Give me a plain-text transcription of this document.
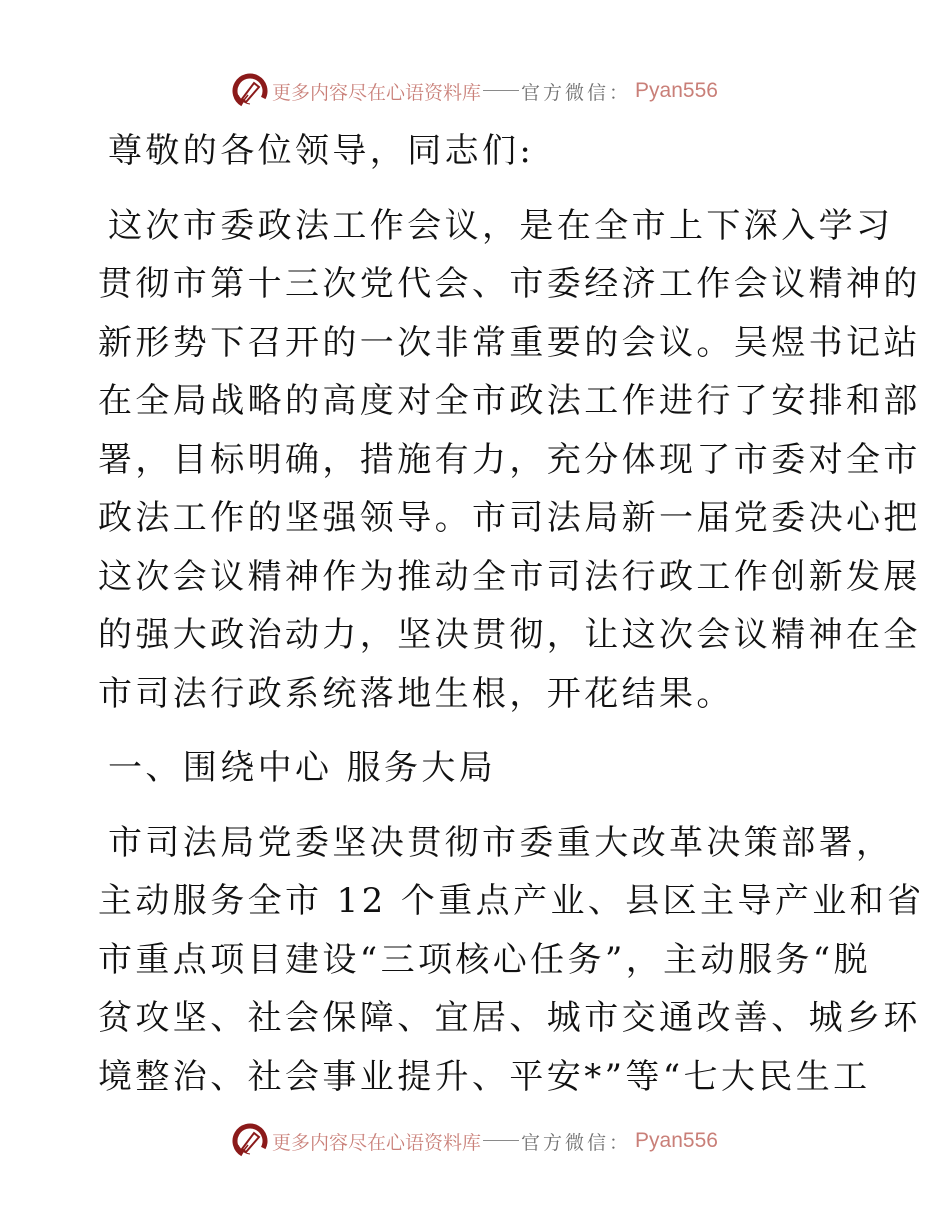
更多内容尽在心语资料库 官方微信： Pyan556

尊敬的各位领导，同志们:

这次市委政法工作会议，是在全市上下深入学习
贯彻市第十三次党代会、市委经济工作会议精神的
新形势下召开的一次非常重要的会议。吴煜书记站
在全局战略的高度对全市政法工作进行了安排和部
署，目标明确，措施有力，充分体现了市委对全市
政法工作的坚强领导。市司法局新一届党委决心把
这次会议精神作为推动全市司法行政工作创新发展
的强大政治动力，坚决贯彻，让这次会议精神在全
市司法行政系统落地生根，开花结果。

一、围绕中心 服务大局

市司法局党委坚决贯彻市委重大改革决策部署，
主动服务全市 12 个重点产业、县区主导产业和省
市重点项目建设“三项核心任务”，主动服务“脱
贫攻坚、社会保障、宜居、城市交通改善、城乡环
境整治、社会事业提升、平安*”等“七大民生工
更多内容尽在心语资料库 官方微信： Pyan556
